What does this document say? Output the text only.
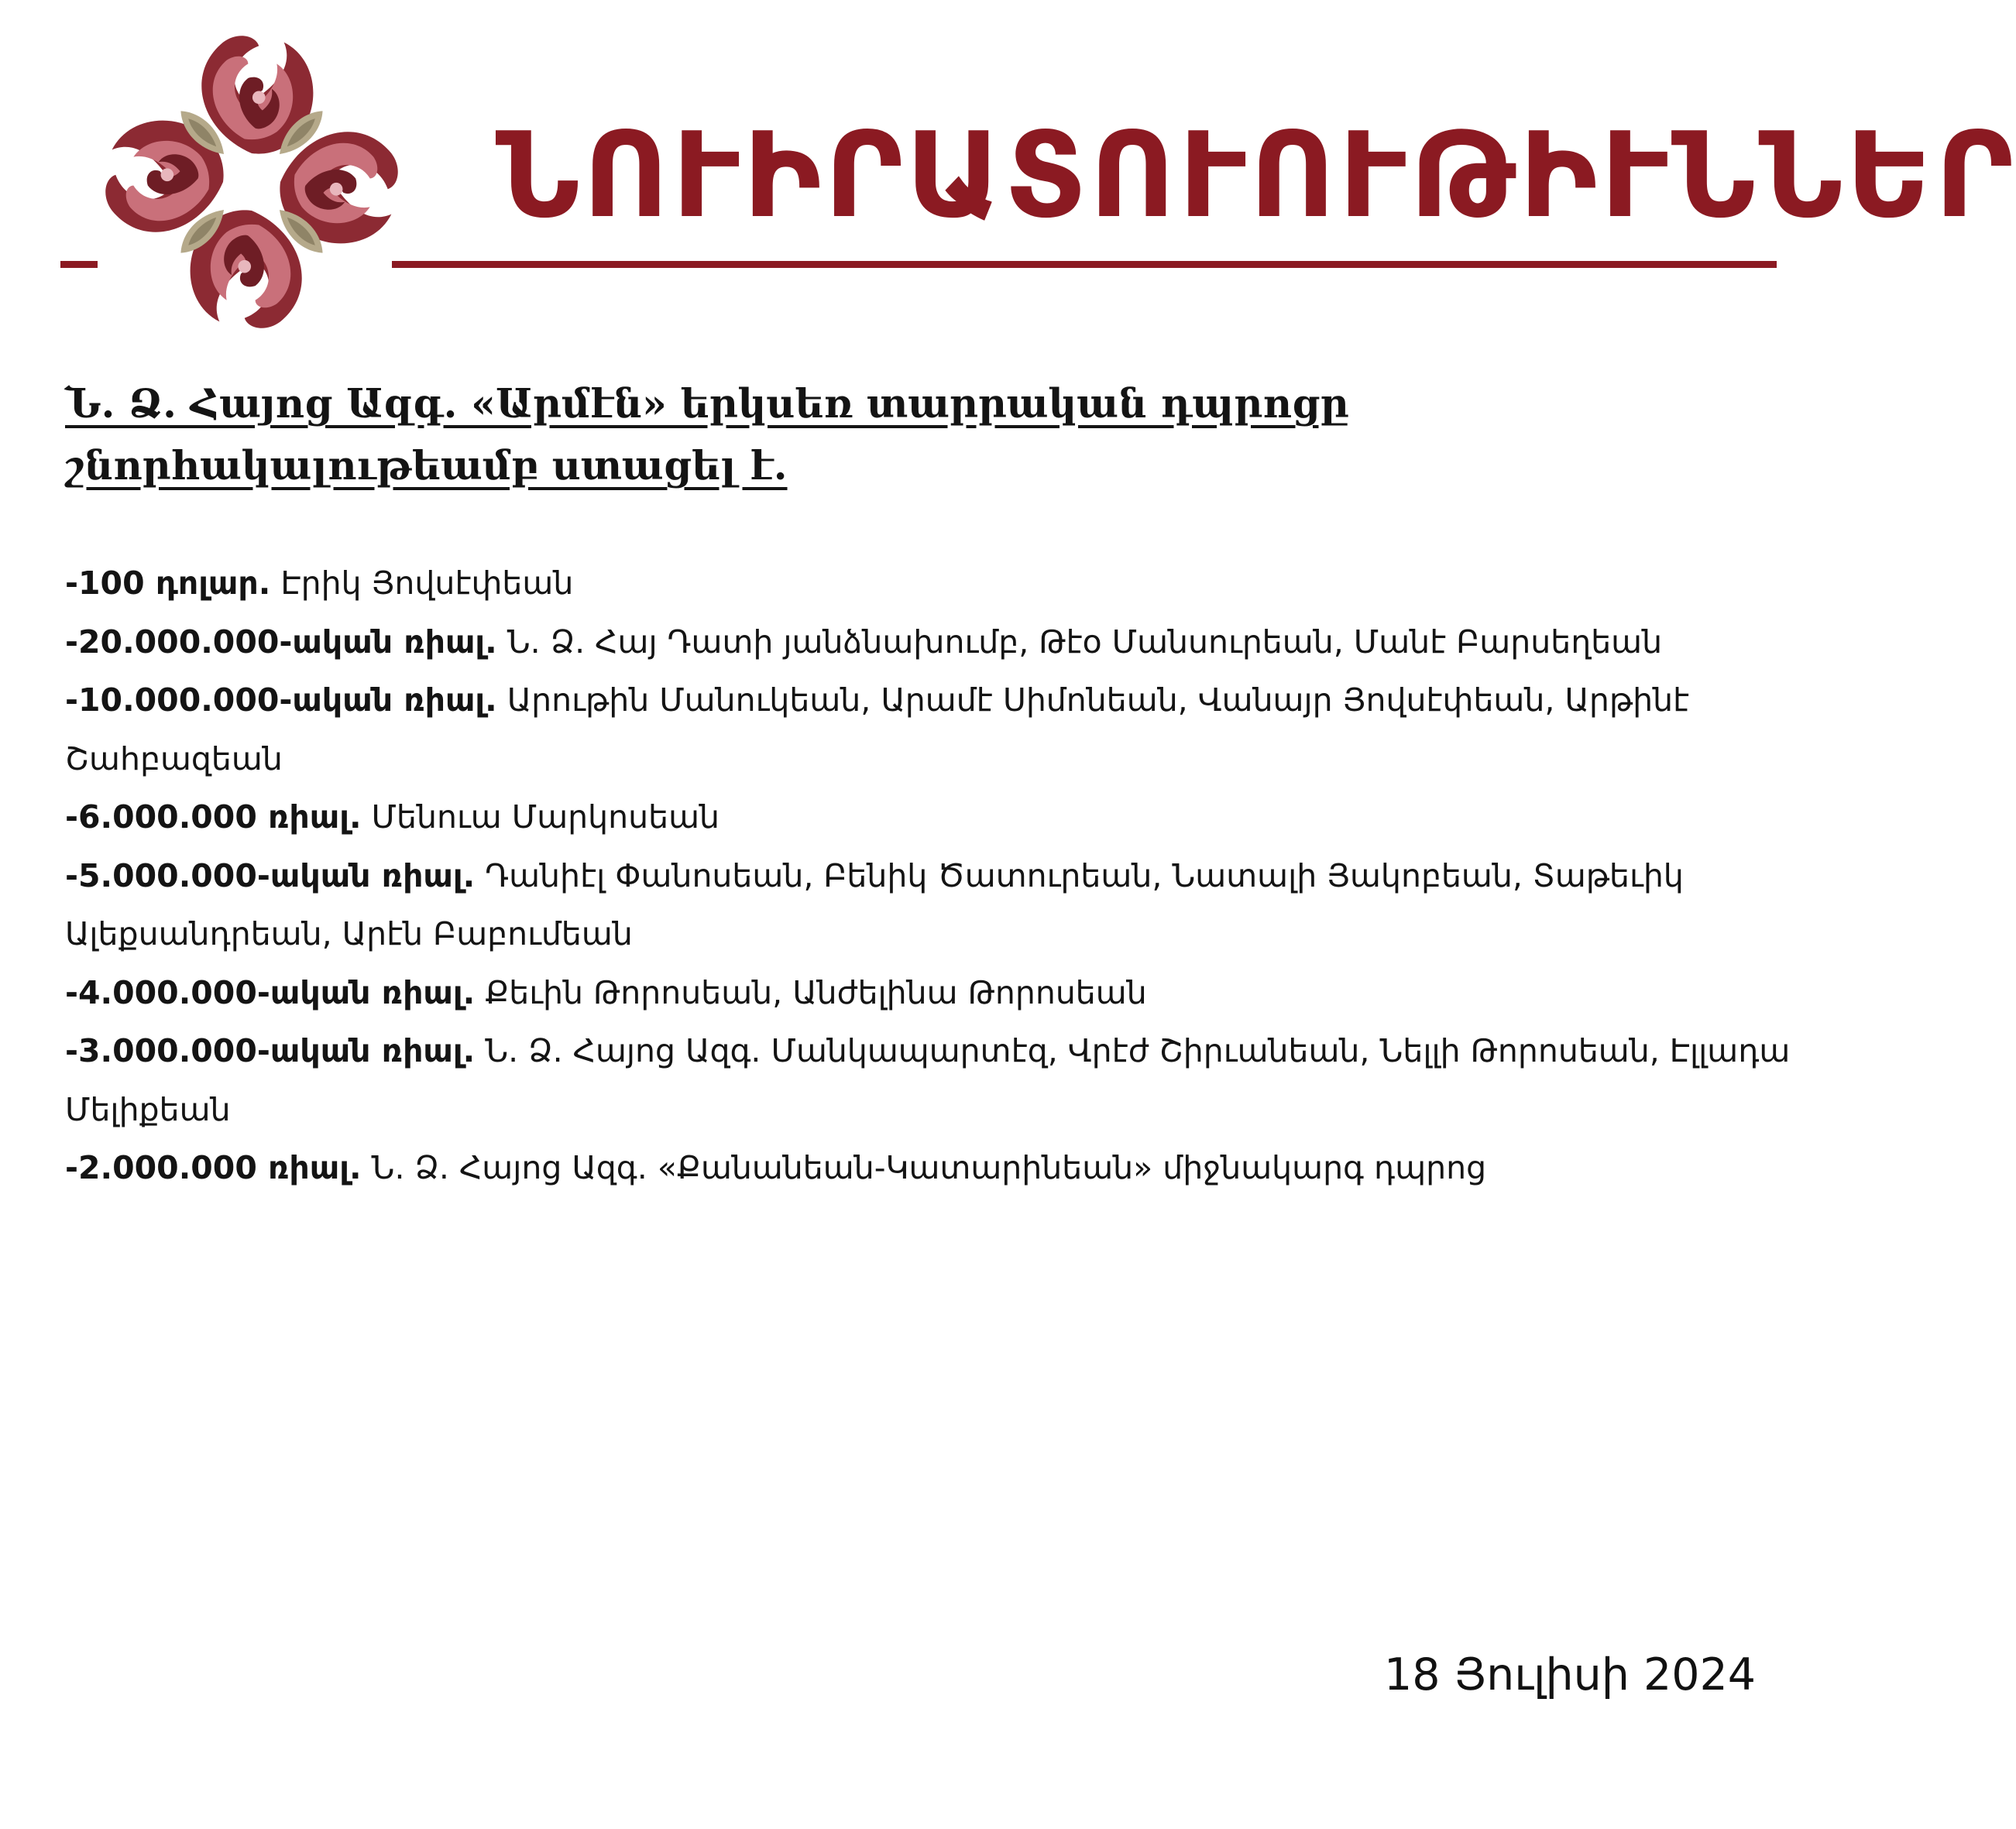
ՆՈՒԻՐԱՏՈՒՈՒԹԻՒՆՆԵՐ
Ն. Ձ. Հայոց Ազգ. «Արմէն» երկսեռ տարրական դպրոցը շնորհակալութեամբ ստացել է.

-100 դոլար. Էրիկ Յովսէփեան

-20.000.000-ական ռիալ. Ն. Ձ. Հայ Դատի յանձնախումբ, Թէօ Մանսուրեան, Մանէ Բարսեղեան

-10.000.000-ական ռիալ. Արութին Մանուկեան, Արամէ Սիմոնեան, Վանայր Յովսէփեան, Արթինէ Շահբազեան

-6.000.000 ռիալ. Մենուա Մարկոսեան

-5.000.000-ական ռիալ. Դանիէլ Փանոսեան, Բենիկ Ծատուրեան, Նատալի Յակոբեան, Տաթեւիկ Ալեքսանդրեան, Արէն Բաբումեան

-4.000.000-ական ռիալ. Քեւին Թորոսեան, Անժելինա Թորոսեան

-3.000.000-ական ռիալ. Ն. Ձ. Հայոց Ազգ. Մանկապարտէզ, Վրէժ Շիրւանեան, Նելլի Թորոսեան, Էլլադա Մելիքեան

-2.000.000 ռիալ. Ն. Ձ. Հայոց Ազգ. «Քանանեան-Կատարինեան» միջնակարգ դպրոց

18 Յուլիսի 2024
